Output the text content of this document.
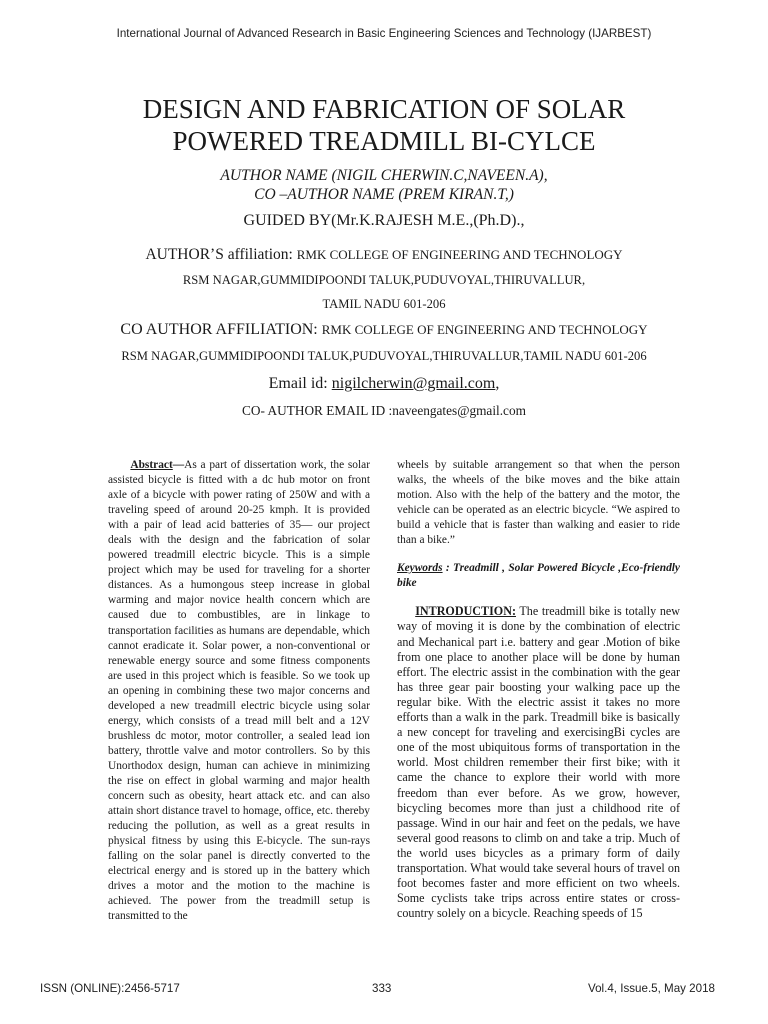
International Journal of Advanced Research in Basic Engineering Sciences and Technology (IJARBEST)
DESIGN AND FABRICATION OF SOLAR
POWERED TREADMILL BI-CYLCE
AUTHOR NAME (NIGIL CHERWIN.C,NAVEEN.A),
CO –AUTHOR NAME (PREM KIRAN.T,)
GUIDED BY(Mr.K.RAJESH M.E.,(Ph.D).,
AUTHOR’S affiliation: RMK COLLEGE OF ENGINEERING AND TECHNOLOGY
RSM NAGAR,GUMMIDIPOONDI TALUK,PUDUVOYAL,THIRUVALLUR,
TAMIL NADU 601-206
CO AUTHOR AFFILIATION: RMK COLLEGE OF ENGINEERING AND TECHNOLOGY
RSM NAGAR,GUMMIDIPOONDI TALUK,PUDUVOYAL,THIRUVALLUR,TAMIL NADU 601-206
Email id: nigilcherwin@gmail.com,
CO- AUTHOR EMAIL ID :naveengates@gmail.com
Abstract—As a part of dissertation work, the solar assisted bicycle is fitted with a dc hub motor on front axle of a bicycle with power rating of 250W and with a traveling speed of around 20-25 kmph. It is provided with a pair of lead acid batteries of 35― our project deals with the design and the fabrication of solar powered treadmill electric bicycle. This is a simple project which may be used for traveling for a shorter distances. As a humongous steep increase in global warming and major novice health concern which are caused due to combustibles, are in linkage to transportation facilities as humans are dependable, which cannot eradicate it. Solar power, a non-conventional or renewable energy source and some fitness components are used in this project which is feasible. So we took up an opening in combining these two major concerns and developed a new treadmill electric bicycle using solar energy, which consists of a tread mill belt and a 12V brushless dc motor, motor controller, a sealed lead ion battery, throttle valve and motor controllers. So by this Unorthodox design, human can achieve in minimizing the rise on effect in global warming and major health concern such as obesity, heart attack etc. and can also attain short distance travel to homage, office, etc. thereby reducing the pollution, as well as a great results in physical fitness by using this E-bicycle. The sun-rays falling on the solar panel is directly converted to the electrical energy and is stored up in the battery which drives a motor and the motion to the machine is achieved. The power from the treadmill setup is transmitted to the
wheels by suitable arrangement so that when the person walks, the wheels of the bike moves and the bike attain motion. Also with the help of the battery and the motor, the vehicle can be operated as an electric bicycle. “We aspired to build a vehicle that is faster than walking and easier to ride than a bike.”
Keywords : Treadmill , Solar Powered Bicycle ,Eco-friendly bike
INTRODUCTION: The treadmill bike is totally new way of moving it is done by the combination of electric and Mechanical part i.e. battery and gear .Motion of bike from one place to another place will be done by human effort. The electric assist in the combination with the gear has three gear pair boosting your walking pace up the regular bike. With the electric assist it takes no more efforts than a walk in the park. Treadmill bike is basically a new concept for traveling and exercisingBi cycles are one of the most ubiquitous forms of transportation in the world. Most children remember their first bike; with it came the chance to explore their world with more freedom than ever before. As we grow, however, bicycling becomes more than just a childhood rite of passage. Wind in our hair and feet on the pedals, we have several good reasons to climb on and take a trip. Much of the world uses bicycles as a primary form of daily transportation. What would take several hours of travel on foot becomes faster and more efficient on two wheels. Some cyclists take trips across entire states or cross-country solely on a bicycle. Reaching speeds of 15
ISSN (ONLINE):2456-5717	333	Vol.4, Issue.5, May 2018
